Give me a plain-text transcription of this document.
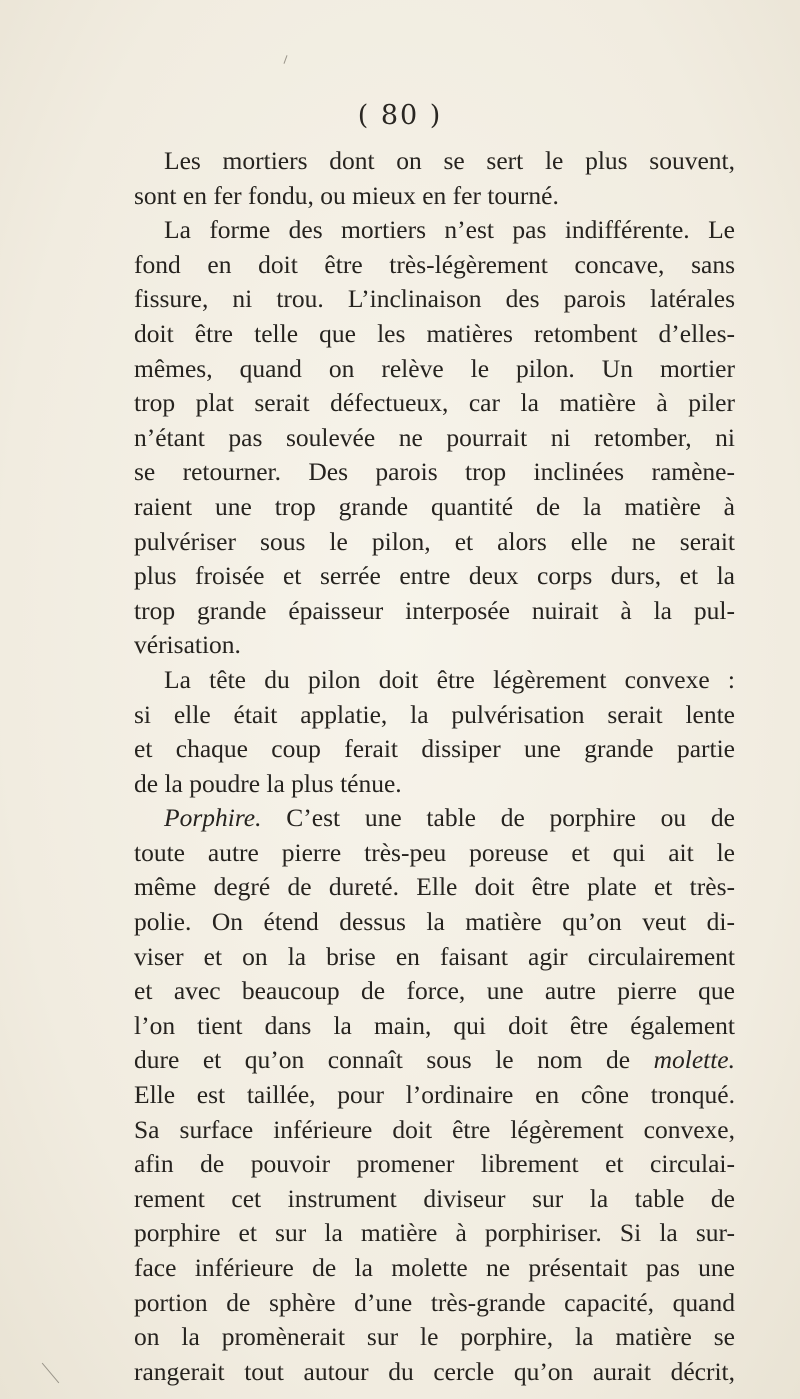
( 80 )
Les mortiers dont on se sert le plus souvent,
sont en fer fondu, ou mieux en fer tourné.
La forme des mortiers n’est pas indifférente. Le
fond en doit être très-légèrement concave, sans
fissure, ni trou. L’inclinaison des parois latérales
doit être telle que les matières retombent d’elles-
mêmes, quand on relève le pilon. Un mortier
trop plat serait défectueux, car la matière à piler
n’étant pas soulevée ne pourrait ni retomber, ni
se retourner. Des parois trop inclinées ramène-
raient une trop grande quantité de la matière à
pulvériser sous le pilon, et alors elle ne serait
plus froisée et serrée entre deux corps durs, et la
trop grande épaisseur interposée nuirait à la pul-
vérisation.
La tête du pilon doit être légèrement convexe :
si elle était applatie, la pulvérisation serait lente
et chaque coup ferait dissiper une grande partie
de la poudre la plus ténue.
Porphire. C’est une table de porphire ou de
toute autre pierre très-peu poreuse et qui ait le
même degré de dureté. Elle doit être plate et très-
polie. On étend dessus la matière qu’on veut di-
viser et on la brise en faisant agir circulairement
et avec beaucoup de force, une autre pierre que
l’on tient dans la main, qui doit être également
dure et qu’on connaît sous le nom de molette.
Elle est taillée, pour l’ordinaire en cône tronqué.
Sa surface inférieure doit être légèrement convexe,
afin de pouvoir promener librement et circulai-
rement cet instrument diviseur sur la table de
porphire et sur la matière à porphiriser. Si la sur-
face inférieure de la molette ne présentait pas une
portion de sphère d’une très-grande capacité, quand
on la promènerait sur le porphire, la matière se
rangerait tout autour du cercle qu’on aurait décrit,
